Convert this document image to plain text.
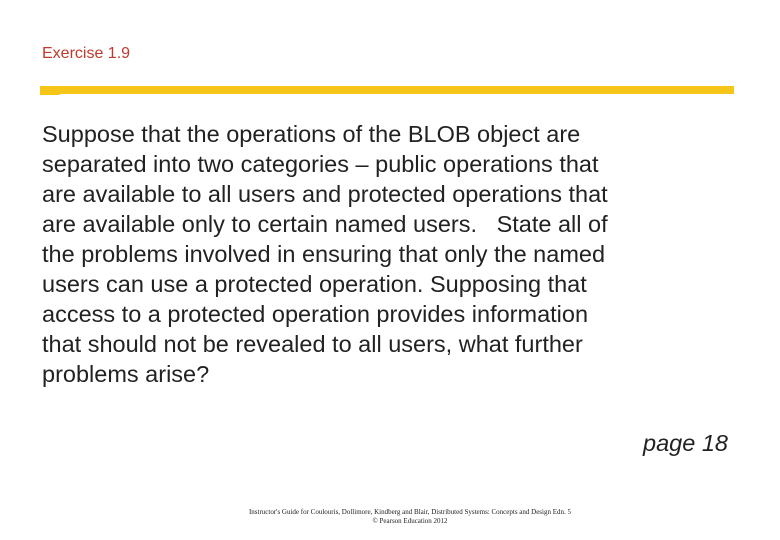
Exercise 1.9
Suppose that the operations of the BLOB object are
separated into two categories – public operations that
are available to all users and protected operations that
are available only to certain named users.   State all of
the problems involved in ensuring that only the named
users can use a protected operation. Supposing that
access to a protected operation provides information
that should not be revealed to all users, what further
problems arise?
page 18
Instructor's Guide for Coulouris, Dollimore, Kindberg and Blair, Distributed Systems: Concepts and Design Edn. 5
© Pearson Education 2012
